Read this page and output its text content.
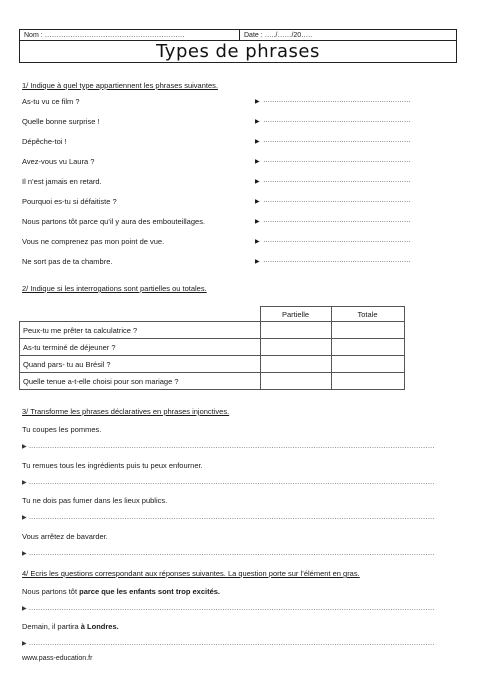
Nom : ……………………………………………………	Date : …../……/20…..
Types de phrases
1/ Indique à quel type appartiennent les phrases suivantes.
As-tu vu ce film ?	▶ …………………………………………………………
Quelle bonne surprise !	▶ …………………………………………………………
Dépêche-toi !	▶ …………………………………………………………
Avez-vous vu Laura ?	▶ …………………………………………………………
Il n’est jamais en retard.	▶ …………………………………………………………
Pourquoi es-tu si défaitiste ?	▶ …………………………………………………………
Nous partons tôt parce qu’il y aura des embouteillages.	▶ …………………………………………………………
Vous ne comprenez pas mon point de vue.	▶ …………………………………………………………
Ne sort pas de ta chambre.	▶ …………………………………………………………
2/ Indique si les interrogations sont partielles ou totales.
	Partielle	Totale
Peux-tu me prêter ta calculatrice ?		
As-tu terminé de déjeuner ?		
Quand pars- tu au Brésil ?		
Quelle tenue a-t-elle choisi pour son mariage ?		
3/ Transforme les phrases déclaratives en phrases injonctives.
Tu coupes les pommes.
▶ …………………………………………………………………………………………………………………………………………………………
Tu remues tous les ingrédients puis tu peux enfourner.
▶ …………………………………………………………………………………………………………………………………………………………
Tu ne dois pas fumer dans les lieux publics.
▶ …………………………………………………………………………………………………………………………………………………………
Vous arrêtez de bavarder.
▶ …………………………………………………………………………………………………………………………………………………………
4/ Ecris les questions correspondant aux réponses suivantes. La question porte sur l’élément en gras.
Nous partons tôt parce que les enfants sont trop excités.
▶ …………………………………………………………………………………………………………………………………………………………
Demain, il partira à Londres.
▶ …………………………………………………………………………………………………………………………………………………………
www.pass-education.fr
